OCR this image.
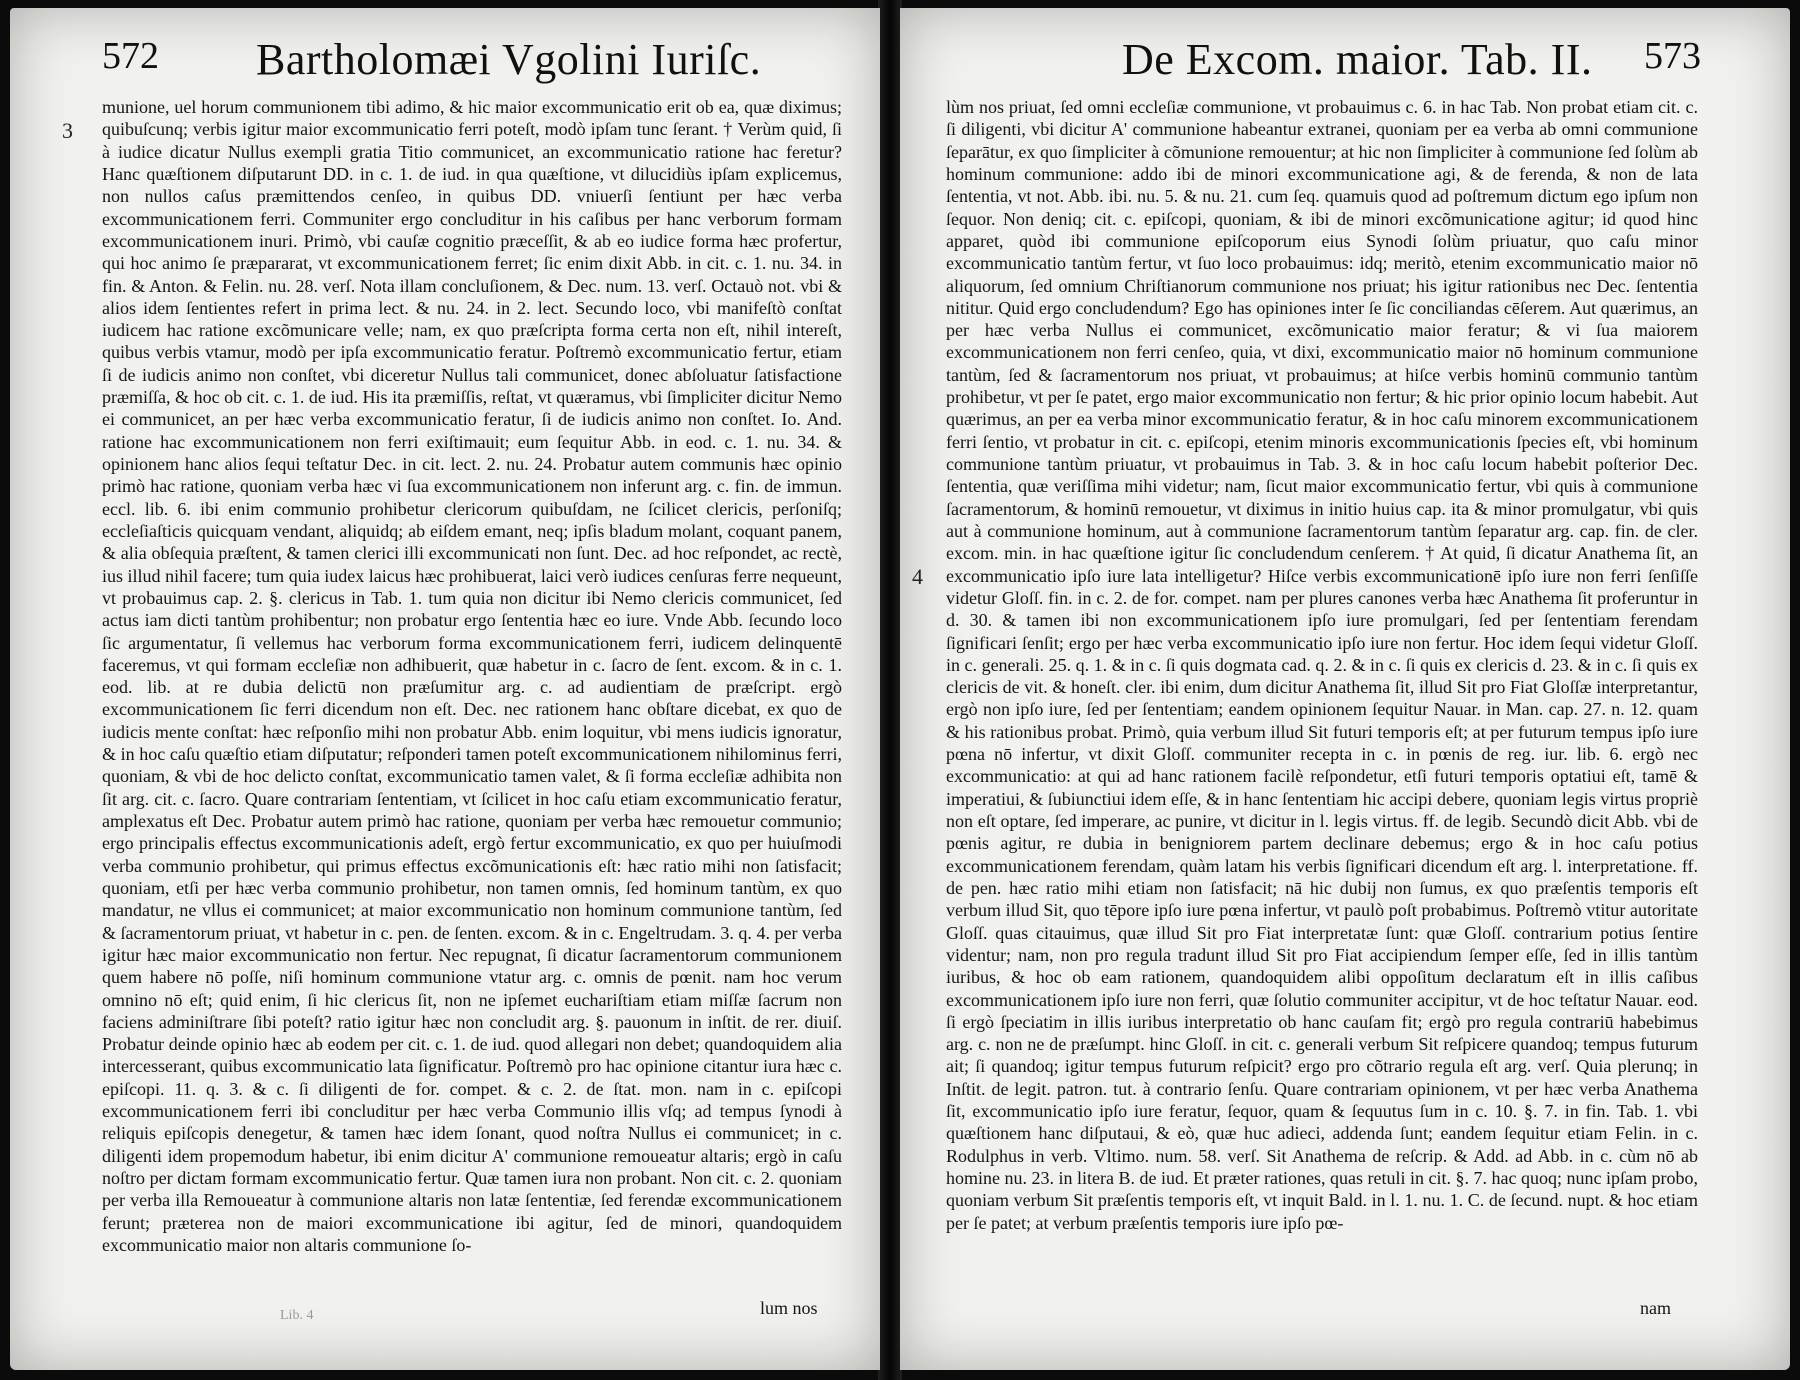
572 Bartholomæi Vgolini Iuriſc.
3
munione, uel horum communionem tibi adimo, & hic maior excommunicatio erit ob ea, quæ diximus; quibuſcunq; verbis igitur maior excommunicatio ferri poteſt, modò ipſam tunc ſerant. † Verùm quid, ſi à iudice dicatur Nullus exempli gratia Titio communicet, an excommunicatio ratione hac feretur? Hanc quæſtionem diſputarunt DD. in c. 1. de iud. in qua quæſtione, vt dilucidiùs ipſam explicemus, non nullos caſus præmittendos cenſeo, in quibus DD. vniuerſi ſentiunt per hæc verba excommunicationem ferri. Communiter ergo concluditur in his caſibus per hanc verborum formam excommunicationem inuri. Primò, vbi cauſæ cognitio præceſſit, & ab eo iudice forma hæc profertur, qui hoc animo ſe præpararat, vt excommunicationem ferret; ſic enim dixit Abb. in cit. c. 1. nu. 34. in fin. & Anton. & Felin. nu. 28. verſ. Nota illam concluſionem, & Dec. num. 13. verſ. Octauò not. vbi & alios idem ſentientes refert in prima lect. & nu. 24. in 2. lect. Secundo loco, vbi manifeſtò conſtat iudicem hac ratione excõmunicare velle; nam, ex quo præſcripta forma certa non eſt, nihil intereſt, quibus verbis vtamur, modò per ipſa excommunicatio feratur. Poſtremò excommunicatio fertur, etiam ſi de iudicis animo non conſtet, vbi diceretur Nullus tali communicet, donec abſoluatur ſatisfactione præmiſſa, & hoc ob cit. c. 1. de iud. His ita præmiſſis, reſtat, vt quæramus, vbi ſimpliciter dicitur Nemo ei communicet, an per hæc verba excommunicatio feratur, ſi de iudicis animo non conſtet. Io. And. ratione hac excommunicationem non ferri exiſtimauit; eum ſequitur Abb. in eod. c. 1. nu. 34. & opinionem hanc alios ſequi teſtatur Dec. in cit. lect. 2. nu. 24. Probatur autem communis hæc opinio primò hac ratione, quoniam verba hæc vi ſua excommunicationem non inferunt arg. c. fin. de immun. eccl. lib. 6. ibi enim communio prohibetur clericorum quibuſdam, ne ſcilicet clericis, perſoniſq; eccleſiaſticis quicquam vendant, aliquidq; ab eiſdem emant, neq; ipſis bladum molant, coquant panem, & alia obſequia præſtent, & tamen clerici illi excommunicati non ſunt. Dec. ad hoc reſpondet, ac rectè, ius illud nihil facere; tum quia iudex laicus hæc prohibuerat, laici verò iudices cenſuras ferre nequeunt, vt probauimus cap. 2. §. clericus in Tab. 1. tum quia non dicitur ibi Nemo clericis communicet, ſed actus iam dicti tantùm prohibentur; non probatur ergo ſententia hæc eo iure. Vnde Abb. ſecundo loco ſic argumentatur, ſi vellemus hac verborum forma excommunicationem ferri, iudicem delinquentē faceremus, vt qui formam eccleſiæ non adhibuerit, quæ habetur in c. ſacro de ſent. excom. & in c. 1. eod. lib. at re dubia delictū non præſumitur arg. c. ad audientiam de præſcript. ergò excommunicationem ſic ferri dicendum non eſt. Dec. nec rationem hanc obſtare dicebat, ex quo de iudicis mente conſtat: hæc reſponſio mihi non probatur Abb. enim loquitur, vbi mens iudicis ignoratur, & in hoc caſu quæſtio etiam diſputatur; reſponderi tamen poteſt excommunicationem nihilominus ferri, quoniam, & vbi de hoc delicto conſtat, excommunicatio tamen valet, & ſi forma eccleſiæ adhibita non ſit arg. cit. c. ſacro. Quare contrariam ſententiam, vt ſcilicet in hoc caſu etiam excommunicatio feratur, amplexatus eſt Dec. Probatur autem primò hac ratione, quoniam per verba hæc remouetur communio; ergo principalis effectus excommunicationis adeſt, ergò fertur excommunicatio, ex quo per huiuſmodi verba communio prohibetur, qui primus effectus excõmunicationis eſt: hæc ratio mihi non ſatisfacit; quoniam, etſi per hæc verba communio prohibetur, non tamen omnis, ſed hominum tantùm, ex quo mandatur, ne vllus ei communicet; at maior excommunicatio non hominum communione tantùm, ſed & ſacramentorum priuat, vt habetur in c. pen. de ſenten. excom. & in c. Engeltrudam. 3. q. 4. per verba igitur hæc maior excommunicatio non fertur. Nec repugnat, ſi dicatur ſacramentorum communionem quem habere nō poſſe, niſi hominum communione vtatur arg. c. omnis de pœnit. nam hoc verum omnino nō eſt; quid enim, ſi hic clericus ſit, non ne ipſemet euchariſtiam etiam miſſæ ſacrum non faciens adminiſtrare ſibi poteſt? ratio igitur hæc non concludit arg. §. pauonum in inſtit. de rer. diuiſ. Probatur deinde opinio hæc ab eodem per cit. c. 1. de iud. quod allegari non debet; quandoquidem alia intercesserant, quibus excommunicatio lata ſignificatur. Poſtremò pro hac opinione citantur iura hæc c. epiſcopi. 11. q. 3. & c. ſi diligenti de for. compet. & c. 2. de ſtat. mon. nam in c. epiſcopi excommunicationem ferri ibi concluditur per hæc verba Communio illis vſq; ad tempus ſynodi à reliquis epiſcopis denegetur, & tamen hæc idem ſonant, quod noſtra Nullus ei communicet; in c. diligenti idem propemodum habetur, ibi enim dicitur A' communione remoueatur altaris; ergò in caſu noſtro per dictam formam excommunicatio fertur. Quæ tamen iura non probant. Non cit. c. 2. quoniam per verba illa Remoueatur à communione altaris non latæ ſententiæ, ſed ferendæ excommunicationem ferunt; præterea non de maiori excommunicatione ibi agitur, ſed de minori, quandoquidem excommunicatio maior non altaris communione ſo-
Lib. 4	lum nos
De Excom. maior. Tab. II. 573
4
lùm nos priuat, ſed omni eccleſiæ communione, vt probauimus c. 6. in hac Tab. Non probat etiam cit. c. ſi diligenti, vbi dicitur A' communione habeantur extranei, quoniam per ea verba ab omni communione ſeparātur, ex quo ſimpliciter à cõmunione remouentur; at hic non ſimpliciter à communione ſed ſolùm ab hominum communione: addo ibi de minori excommunicatione agi, & de ferenda, & non de lata ſententia, vt not. Abb. ibi. nu. 5. & nu. 21. cum ſeq. quamuis quod ad poſtremum dictum ego ipſum non ſequor. Non deniq; cit. c. epiſcopi, quoniam, & ibi de minori excõmunicatione agitur; id quod hinc apparet, quòd ibi communione epiſcoporum eius Synodi ſolùm priuatur, quo caſu minor excommunicatio tantùm fertur, vt ſuo loco probauimus: idq; meritò, etenim excommunicatio maior nō aliquorum, ſed omnium Chriſtianorum communione nos priuat; his igitur rationibus nec Dec. ſententia nititur. Quid ergo concludendum? Ego has opiniones inter ſe ſic conciliandas cēſerem. Aut quærimus, an per hæc verba Nullus ei communicet, excõmunicatio maior feratur; & vi ſua maiorem excommunicationem non ferri cenſeo, quia, vt dixi, excommunicatio maior nō hominum communione tantùm, ſed & ſacramentorum nos priuat, vt probauimus; at hiſce verbis hominū communio tantùm prohibetur, vt per ſe patet, ergo maior excommunicatio non fertur; & hic prior opinio locum habebit. Aut quærimus, an per ea verba minor excommunicatio feratur, & in hoc caſu minorem excommunicationem ferri ſentio, vt probatur in cit. c. epiſcopi, etenim minoris excommunicationis ſpecies eſt, vbi hominum communione tantùm priuatur, vt probauimus in Tab. 3. & in hoc caſu locum habebit poſterior Dec. ſententia, quæ veriſſima mihi videtur; nam, ſicut maior excommunicatio fertur, vbi quis à communione ſacramentorum, & hominū remouetur, vt diximus in initio huius cap. ita & minor promulgatur, vbi quis aut à communione hominum, aut à communione ſacramentorum tantùm ſeparatur arg. cap. fin. de cler. excom. min. in hac quæſtione igitur ſic concludendum cenſerem. † At quid, ſi dicatur Anathema ſit, an excommunicatio ipſo iure lata intelligetur? Hiſce verbis excommunicationē ipſo iure non ferri ſenſiſſe videtur Gloſſ. fin. in c. 2. de for. compet. nam per plures canones verba hæc Anathema ſit proferuntur in d. 30. & tamen ibi non excommunicationem ipſo iure promulgari, ſed per ſententiam ferendam ſignificari ſenſit; ergo per hæc verba excommunicatio ipſo iure non fertur. Hoc idem ſequi videtur Gloſſ. in c. generali. 25. q. 1. & in c. ſi quis dogmata cad. q. 2. & in c. ſi quis ex clericis d. 23. & in c. ſi quis ex clericis de vit. & honeſt. cler. ibi enim, dum dicitur Anathema ſit, illud Sit pro Fiat Gloſſæ interpretantur, ergò non ipſo iure, ſed per ſententiam; eandem opinionem ſequitur Nauar. in Man. cap. 27. n. 12. quam & his rationibus probat. Primò, quia verbum illud Sit futuri temporis eſt; at per futurum tempus ipſo iure pœna nō infertur, vt dixit Gloſſ. communiter recepta in c. in pœnis de reg. iur. lib. 6. ergò nec excommunicatio: at qui ad hanc rationem facilè reſpondetur, etſi futuri temporis optatiui eſt, tamē & imperatiui, & ſubiunctiui idem eſſe, & in hanc ſententiam hic accipi debere, quoniam legis virtus propriè non eſt optare, ſed imperare, ac punire, vt dicitur in l. legis virtus. ff. de legib. Secundò dicit Abb. vbi de pœnis agitur, re dubia in benigniorem partem declinare debemus; ergo & in hoc caſu potius excommunicationem ferendam, quàm latam his verbis ſignificari dicendum eſt arg. l. interpretatione. ff. de pen. hæc ratio mihi etiam non ſatisfacit; nā hic dubij non ſumus, ex quo præſentis temporis eſt verbum illud Sit, quo tēpore ipſo iure pœna infertur, vt paulò poſt probabimus. Poſtremò vtitur autoritate Gloſſ. quas citauimus, quæ illud Sit pro Fiat interpretatæ ſunt: quæ Gloſſ. contrarium potius ſentire videntur; nam, non pro regula tradunt illud Sit pro Fiat accipiendum ſemper eſſe, ſed in illis tantùm iuribus, & hoc ob eam rationem, quandoquidem alibi oppoſitum declaratum eſt in illis caſibus excommunicationem ipſo iure non ferri, quæ ſolutio communiter accipitur, vt de hoc teſtatur Nauar. eod. ſi ergò ſpeciatim in illis iuribus interpretatio ob hanc cauſam fit; ergò pro regula contrariū habebimus arg. c. non ne de præſumpt. hinc Gloſſ. in cit. c. generali verbum Sit reſpicere quandoq; tempus futurum ait; ſi quandoq; igitur tempus futurum reſpicit? ergo pro cõtrario regula eſt arg. verſ. Quia plerunq; in Inſtit. de legit. patron. tut. à contrario ſenſu. Quare contrariam opinionem, vt per hæc verba Anathema ſit, excommunicatio ipſo iure feratur, ſequor, quam & ſequutus ſum in c. 10. §. 7. in fin. Tab. 1. vbi quæſtionem hanc diſputaui, & eò, quæ huc adieci, addenda ſunt; eandem ſequitur etiam Felin. in c. Rodulphus in verb. Vltimo. num. 58. verſ. Sit Anathema de reſcrip. & Add. ad Abb. in c. cùm nō ab homine nu. 23. in litera B. de iud. Et præter rationes, quas retuli in cit. §. 7. hac quoq; nunc ipſam probo, quoniam verbum Sit præſentis temporis eſt, vt inquit Bald. in l. 1. nu. 1. C. de ſecund. nupt. & hoc etiam per ſe patet; at verbum præſentis temporis iure ipſo pœ-
nam
